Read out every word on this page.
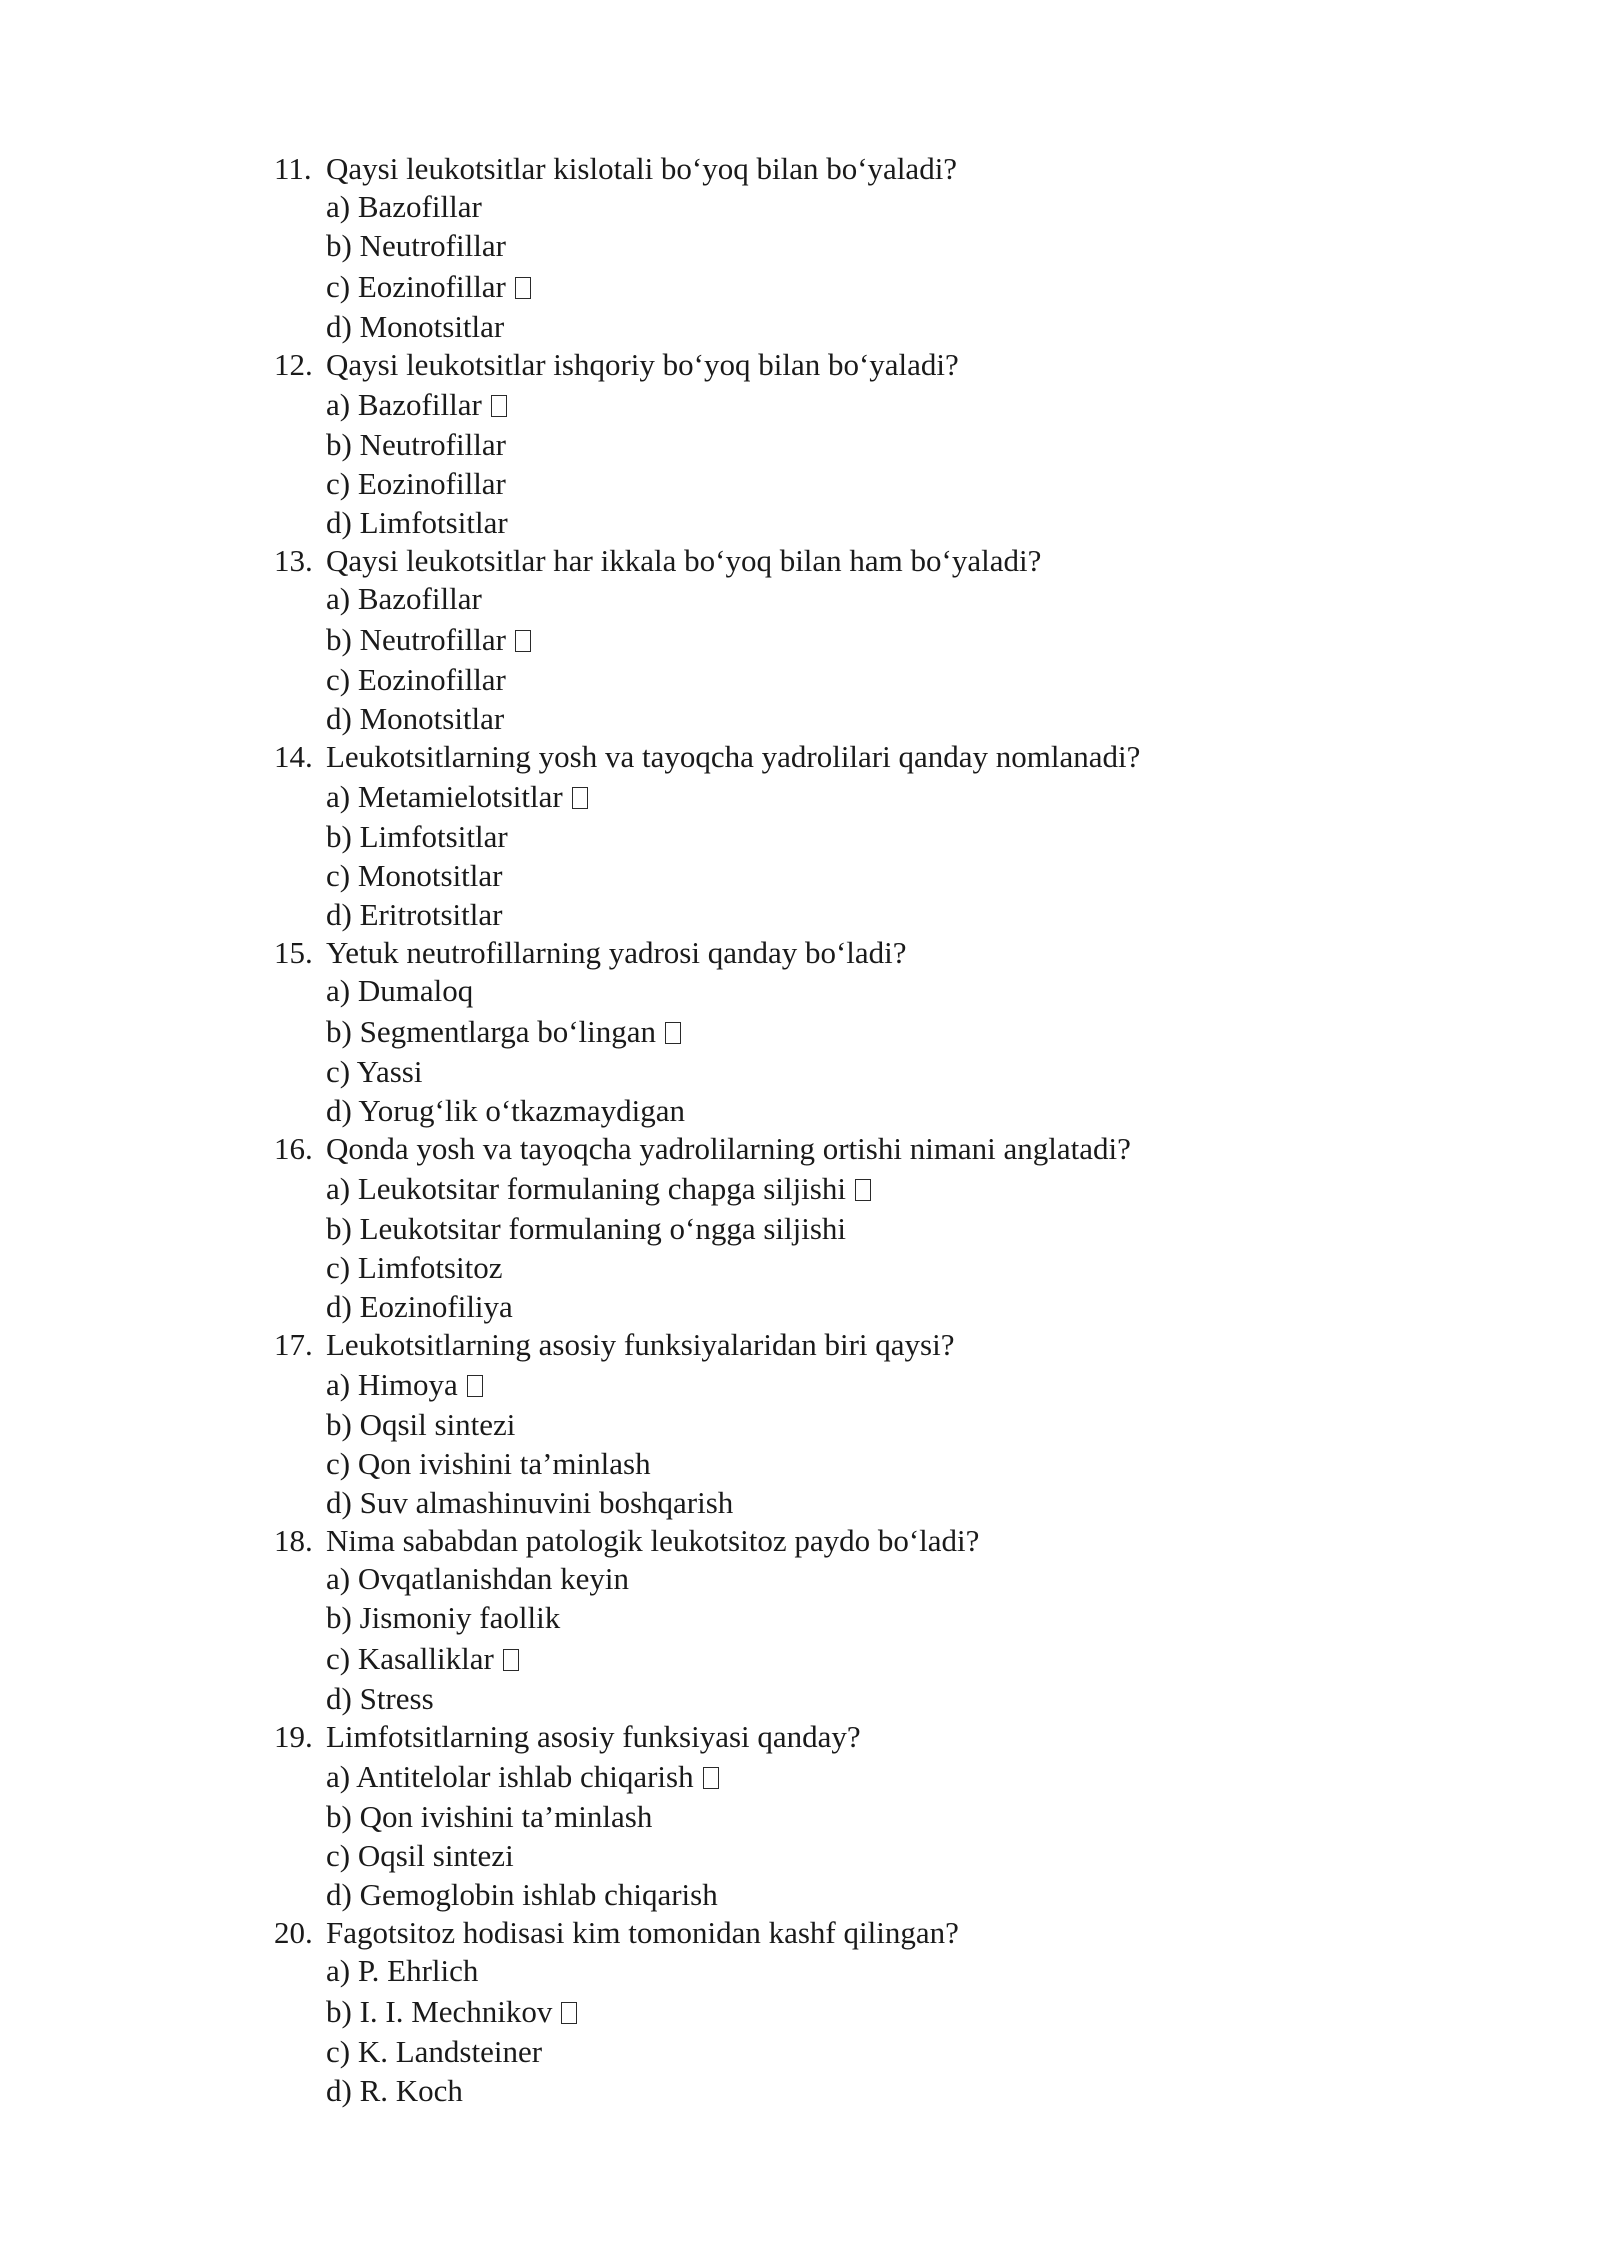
11. Qaysi leukotsitlar kislotali bo‘yoq bilan bo‘yaladi?
a) Bazofillar
b) Neutrofillar
c) Eozinofillar
d) Monotsitlar
12. Qaysi leukotsitlar ishqoriy bo‘yoq bilan bo‘yaladi?
a) Bazofillar
b) Neutrofillar
c) Eozinofillar
d) Limfotsitlar
13. Qaysi leukotsitlar har ikkala bo‘yoq bilan ham bo‘yaladi?
a) Bazofillar
b) Neutrofillar
c) Eozinofillar
d) Monotsitlar
14. Leukotsitlarning yosh va tayoqcha yadrolilari qanday nomlanadi?
a) Metamielotsitlar
b) Limfotsitlar
c) Monotsitlar
d) Eritrotsitlar
15. Yetuk neutrofillarning yadrosi qanday bo‘ladi?
a) Dumaloq
b) Segmentlarga bo‘lingan
c) Yassi
d) Yorug‘lik o‘tkazmaydigan
16. Qonda yosh va tayoqcha yadrolilarning ortishi nimani anglatadi?
a) Leukotsitar formulaning chapga siljishi
b) Leukotsitar formulaning o‘ngga siljishi
c) Limfotsitoz
d) Eozinofiliya
17. Leukotsitlarning asosiy funksiyalaridan biri qaysi?
a) Himoya
b) Oqsil sintezi
c) Qon ivishini ta’minlash
d) Suv almashinuvini boshqarish
18. Nima sababdan patologik leukotsitoz paydo bo‘ladi?
a) Ovqatlanishdan keyin
b) Jismoniy faollik
c) Kasalliklar
d) Stress
19. Limfotsitlarning asosiy funksiyasi qanday?
a) Antitelolar ishlab chiqarish
b) Qon ivishini ta’minlash
c) Oqsil sintezi
d) Gemoglobin ishlab chiqarish
20. Fagotsitoz hodisasi kim tomonidan kashf qilingan?
a) P. Ehrlich
b) I. I. Mechnikov
c) K. Landsteiner
d) R. Koch
